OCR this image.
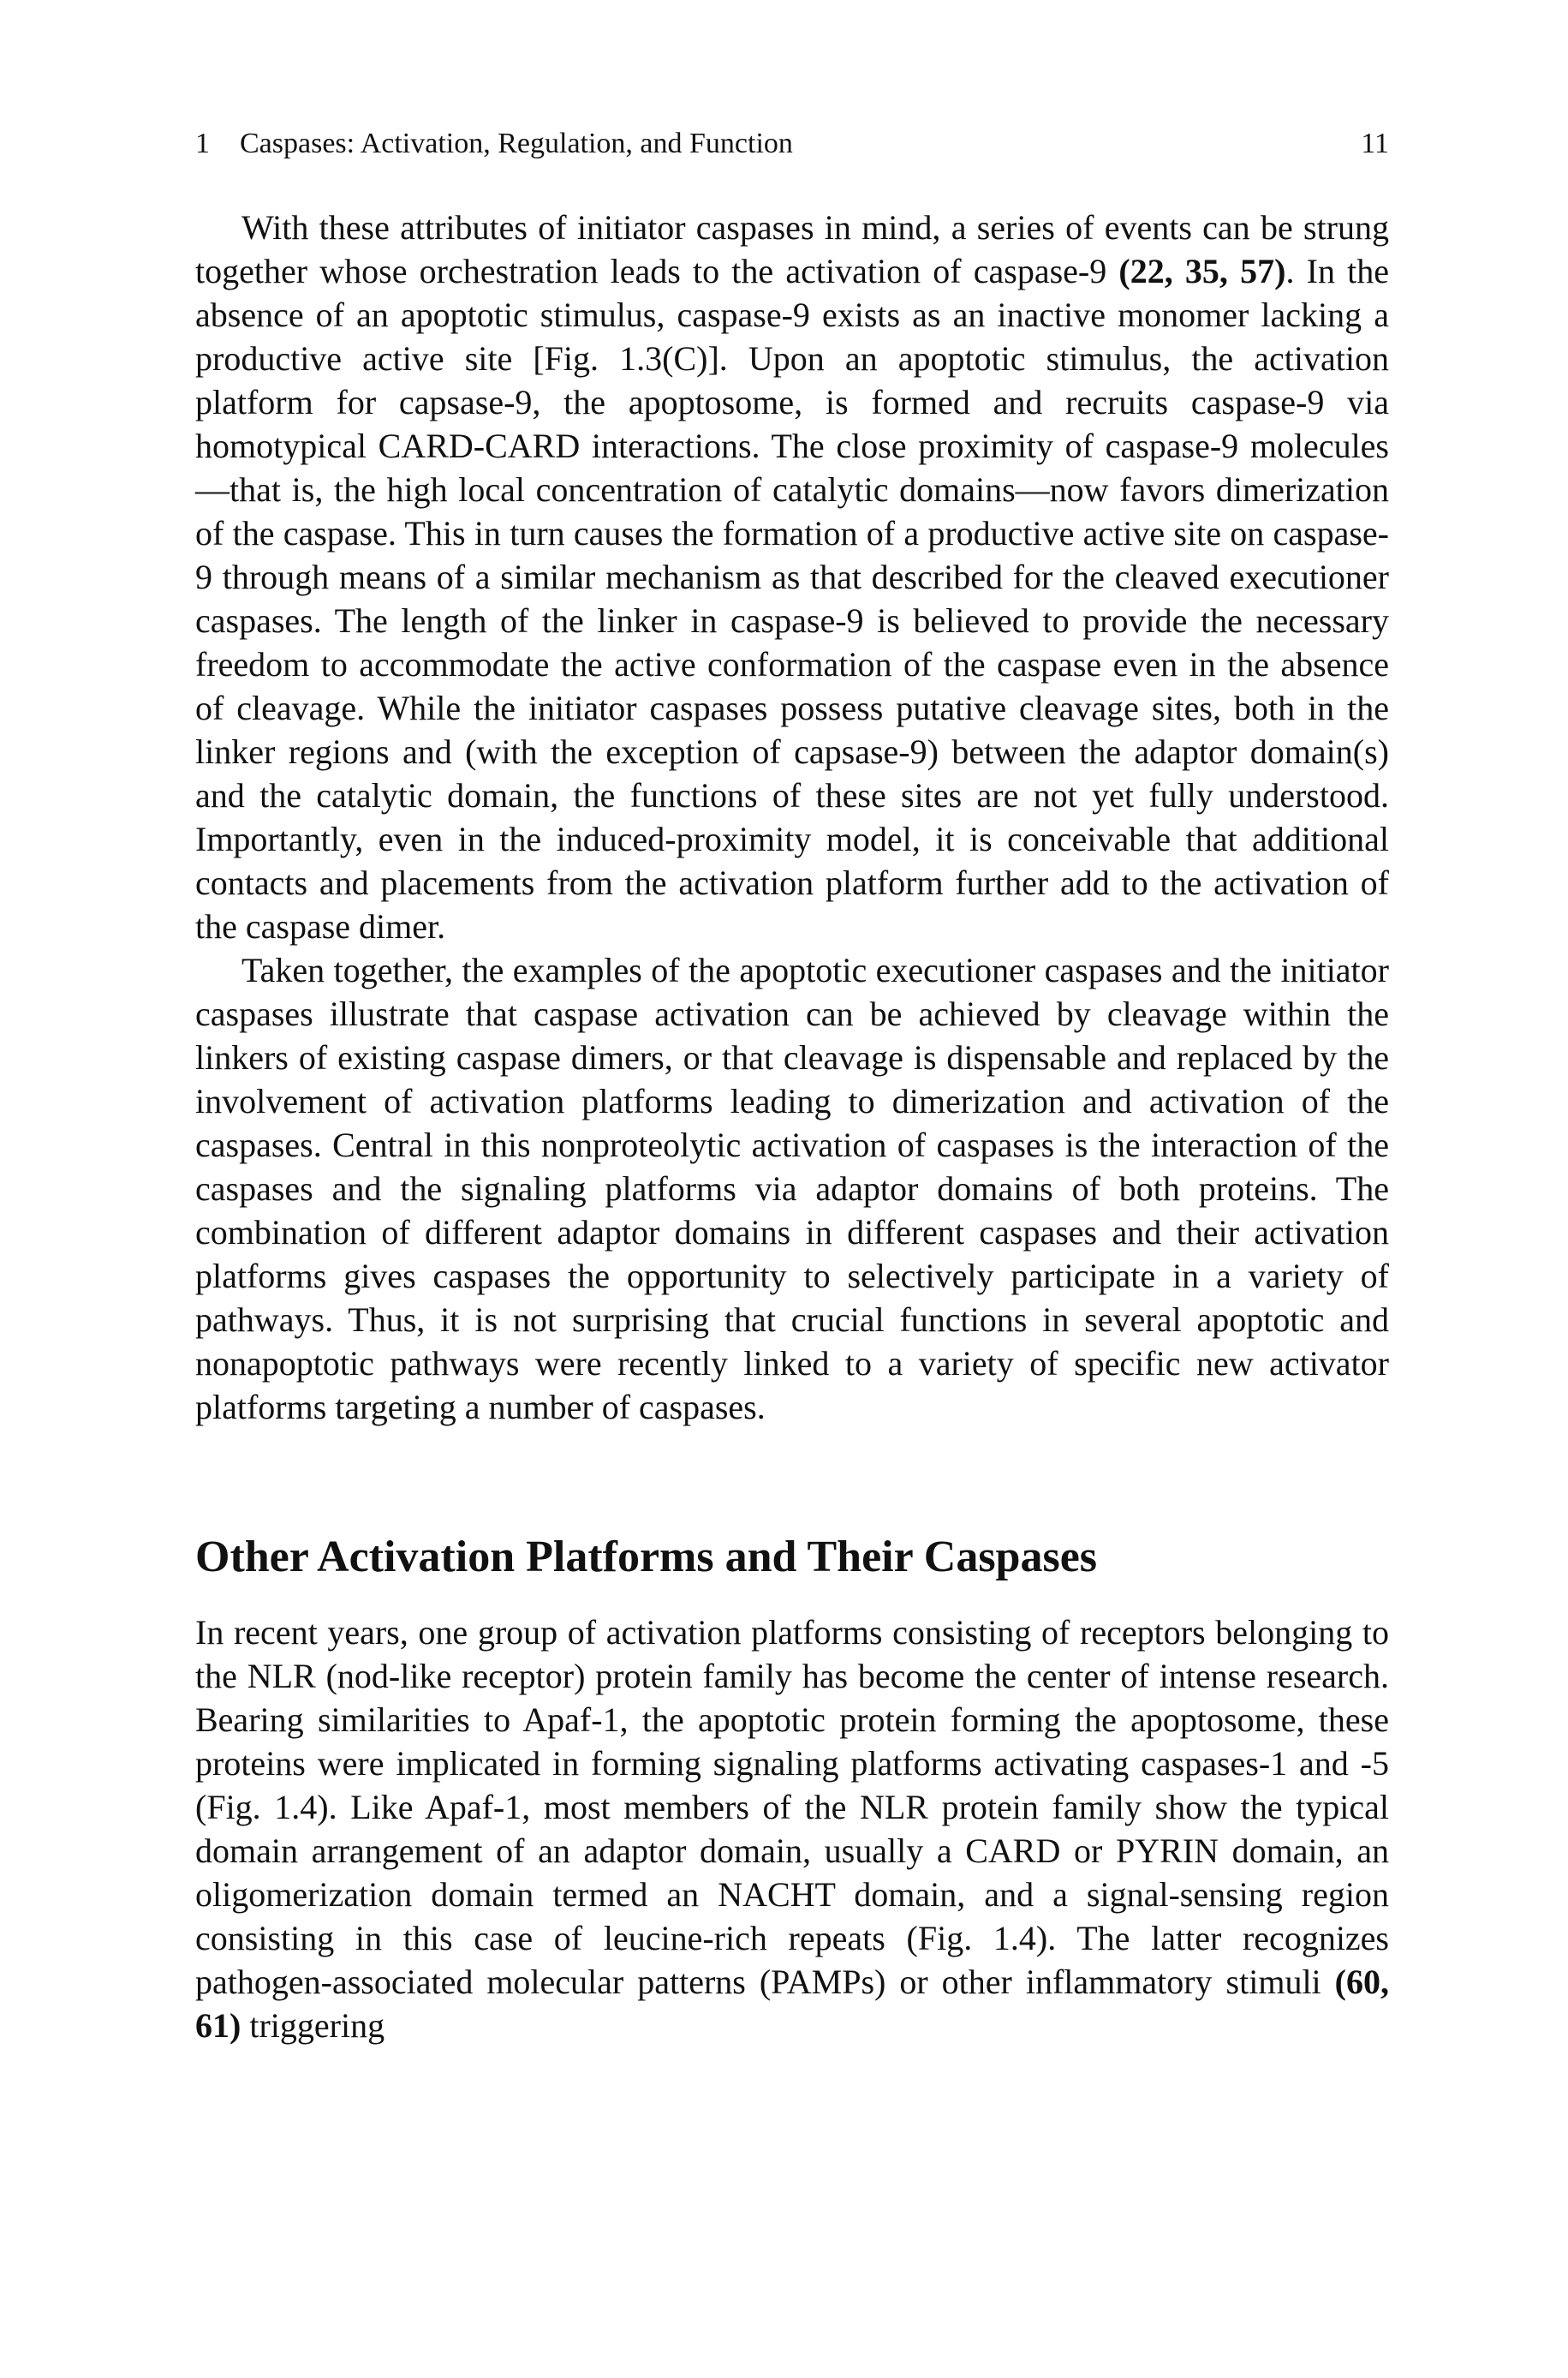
1 Caspases: Activation, Regulation, and Function	11

With these attributes of initiator caspases in mind, a series of events can be strung together whose orchestration leads to the activation of caspase-9 (22, 35, 57). In the absence of an apoptotic stimulus, caspase-9 exists as an inactive monomer lacking a productive active site [Fig. 1.3(C)]. Upon an apoptotic stimulus, the activation platform for capsase-9, the apoptosome, is formed and recruits caspase-9 via homotypical CARD-CARD interactions. The close proximity of caspase-9 molecules—that is, the high local concentration of catalytic domains—now favors dimerization of the caspase. This in turn causes the formation of a productive active site on caspase-9 through means of a similar mechanism as that described for the cleaved executioner caspases. The length of the linker in caspase-9 is believed to provide the necessary freedom to accommodate the active conformation of the caspase even in the absence of cleavage. While the initiator caspases possess putative cleavage sites, both in the linker regions and (with the exception of capsase-9) between the adaptor domain(s) and the catalytic domain, the functions of these sites are not yet fully understood. Importantly, even in the induced-proximity model, it is conceivable that additional contacts and placements from the activation platform further add to the activation of the caspase dimer.

Taken together, the examples of the apoptotic executioner caspases and the initiator caspases illustrate that caspase activation can be achieved by cleavage within the linkers of existing caspase dimers, or that cleavage is dispensable and replaced by the involvement of activation platforms leading to dimerization and activation of the caspases. Central in this nonproteolytic activation of caspases is the interaction of the caspases and the signaling platforms via adaptor domains of both proteins. The combination of different adaptor domains in different caspases and their activation platforms gives caspases the opportunity to selectively participate in a variety of pathways. Thus, it is not surprising that crucial functions in several apoptotic and nonapoptotic pathways were recently linked to a variety of specific new activator platforms targeting a number of caspases.

Other Activation Platforms and Their Caspases

In recent years, one group of activation platforms consisting of receptors belonging to the NLR (nod-like receptor) protein family has become the center of intense research. Bearing similarities to Apaf-1, the apoptotic protein forming the apoptosome, these proteins were implicated in forming signaling platforms activating caspases-1 and -5 (Fig. 1.4). Like Apaf-1, most members of the NLR protein family show the typical domain arrangement of an adaptor domain, usually a CARD or PYRIN domain, an oligomerization domain termed an NACHT domain, and a signal-sensing region consisting in this case of leucine-rich repeats (Fig. 1.4). The latter recognizes pathogen-associated molecular patterns (PAMPs) or other inflammatory stimuli (60, 61) triggering
